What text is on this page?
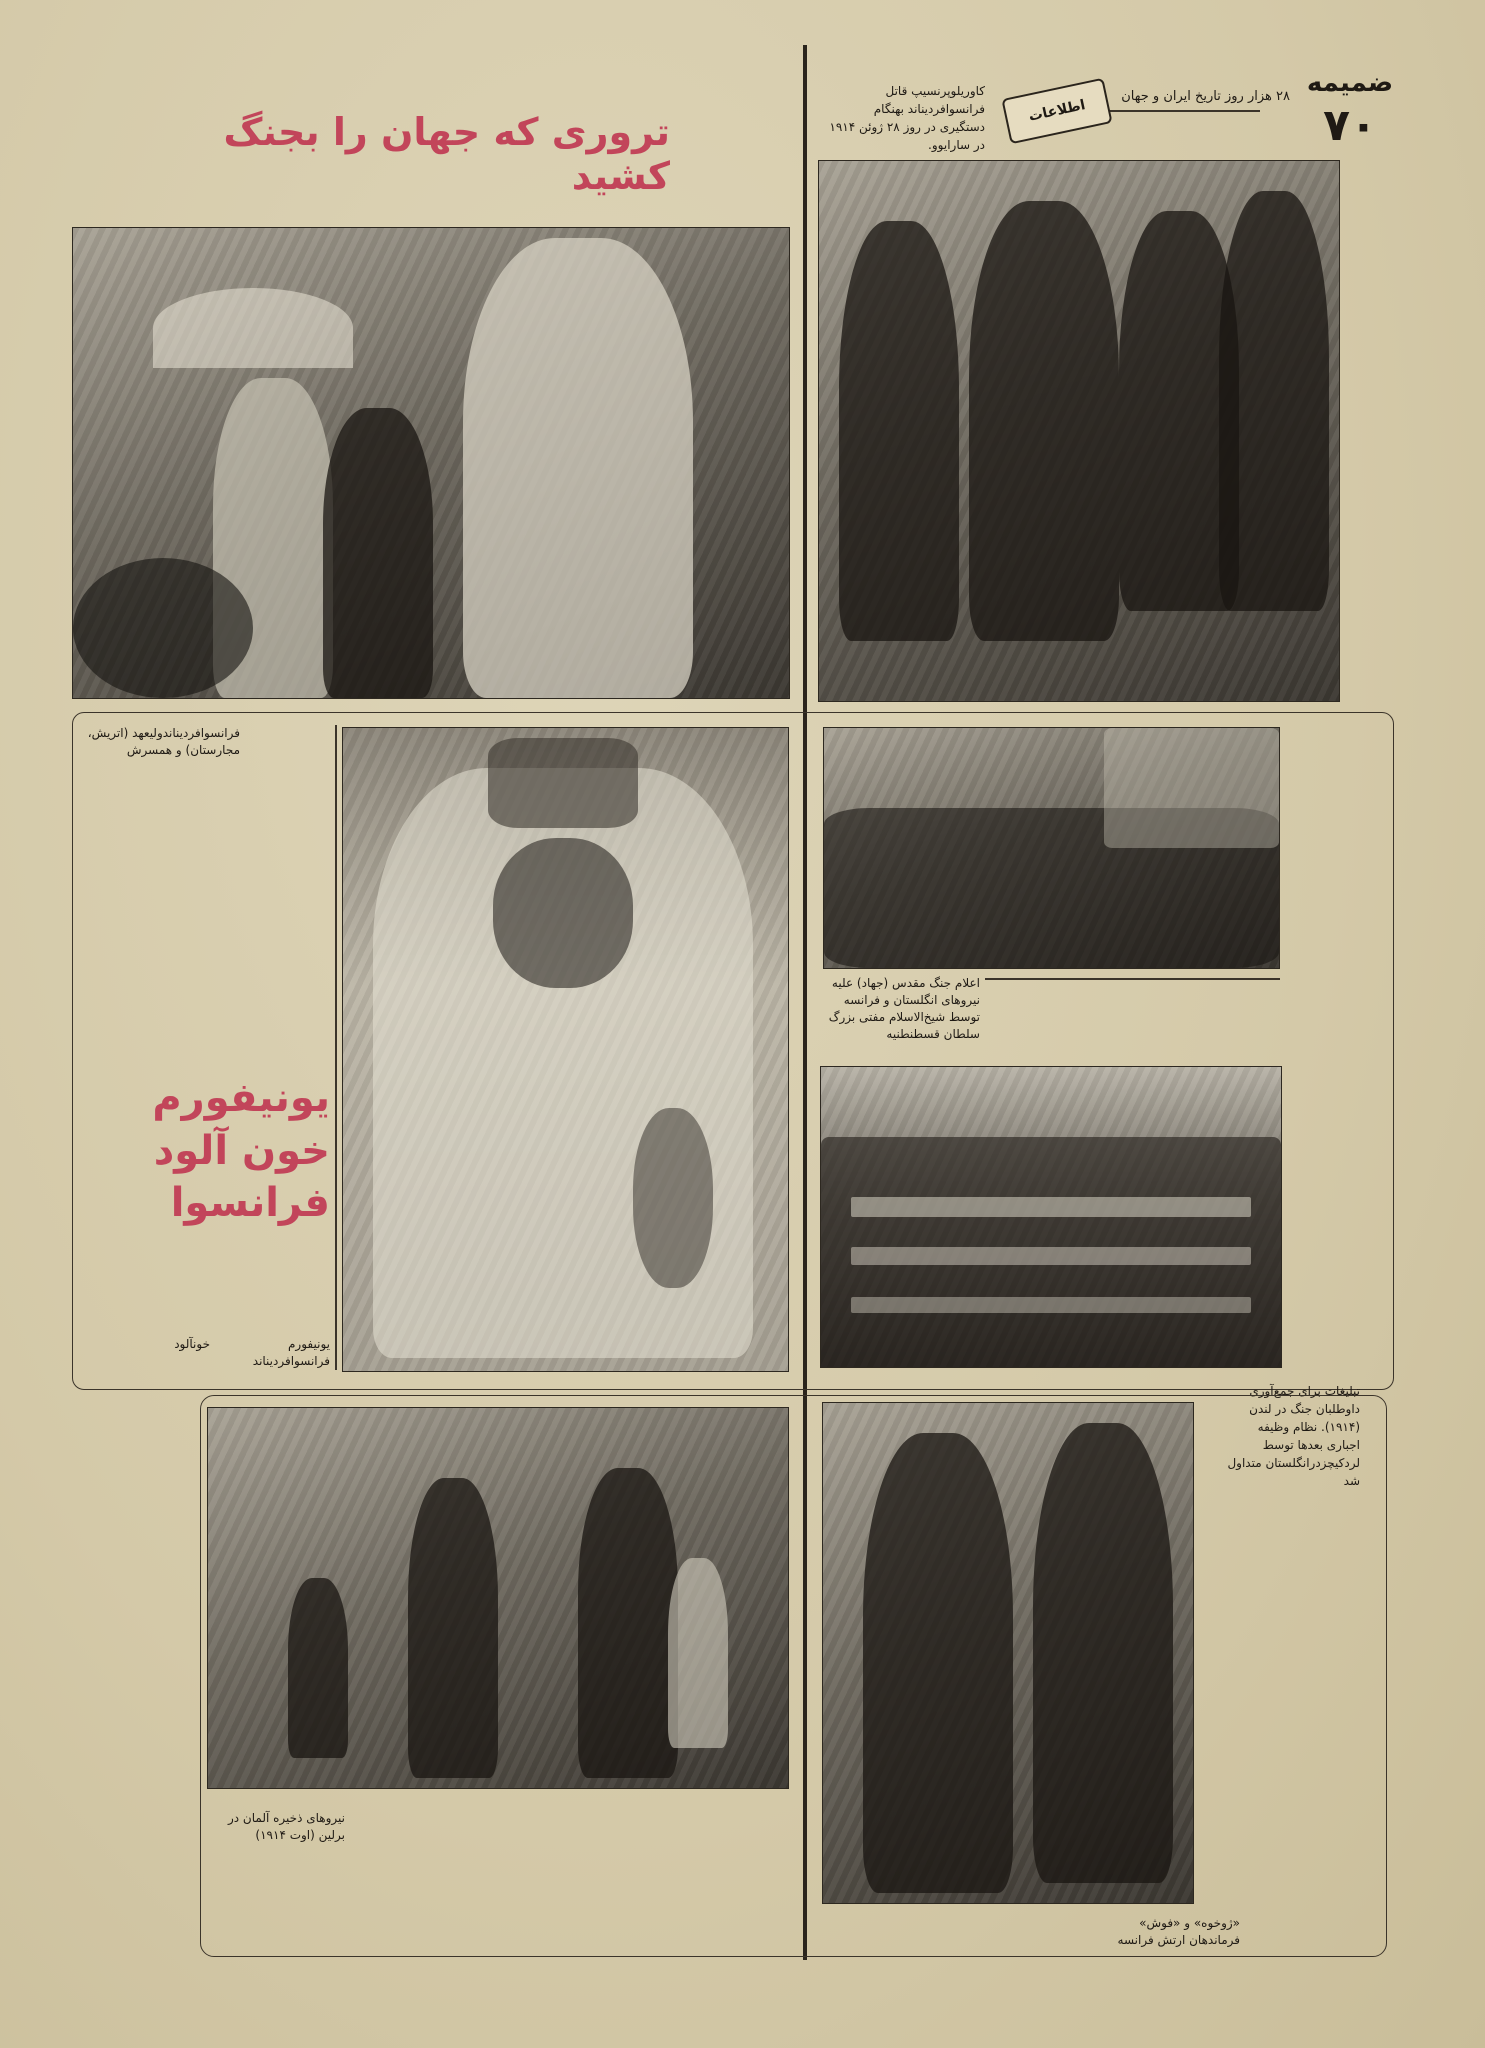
ضمیمه
۷۰
۲۸ هزار روز تاریخ ایران و جهان
اطلاعات
کاوریلوپرنسیپ قاتل فرانسوافردیناند بهنگام دستگیری در روز ۲۸ ژوئن ۱۹۱۴ در سارایوو.
تروری که جهان را بجنگ کشید
فرانسوافردیناندولیعهد (اتریش، مجارستان) و همسرش
یونیفورم
خون آلود
فرانسوا
یونیفورم فرانسوافردیناند
خونآلود
اعلام جنگ مقدس (جهاد) علیه نیروهای انگلستان و فرانسه توسط شیخ‌الاسلام مفتی بزرگ سلطان قسطنطنیه
تبلیغات برای جمع‌آوری داوطلبان جنگ در لندن (۱۹۱۴). نظام وظیفه اجباری بعدها توسط لردکیچزدرانگلستان متداول شد
نیروهای ذخیره آلمان در برلین (اوت ۱۹۱۴)
«ژوخوه» و «فوش» فرماندهان ارتش فرانسه
